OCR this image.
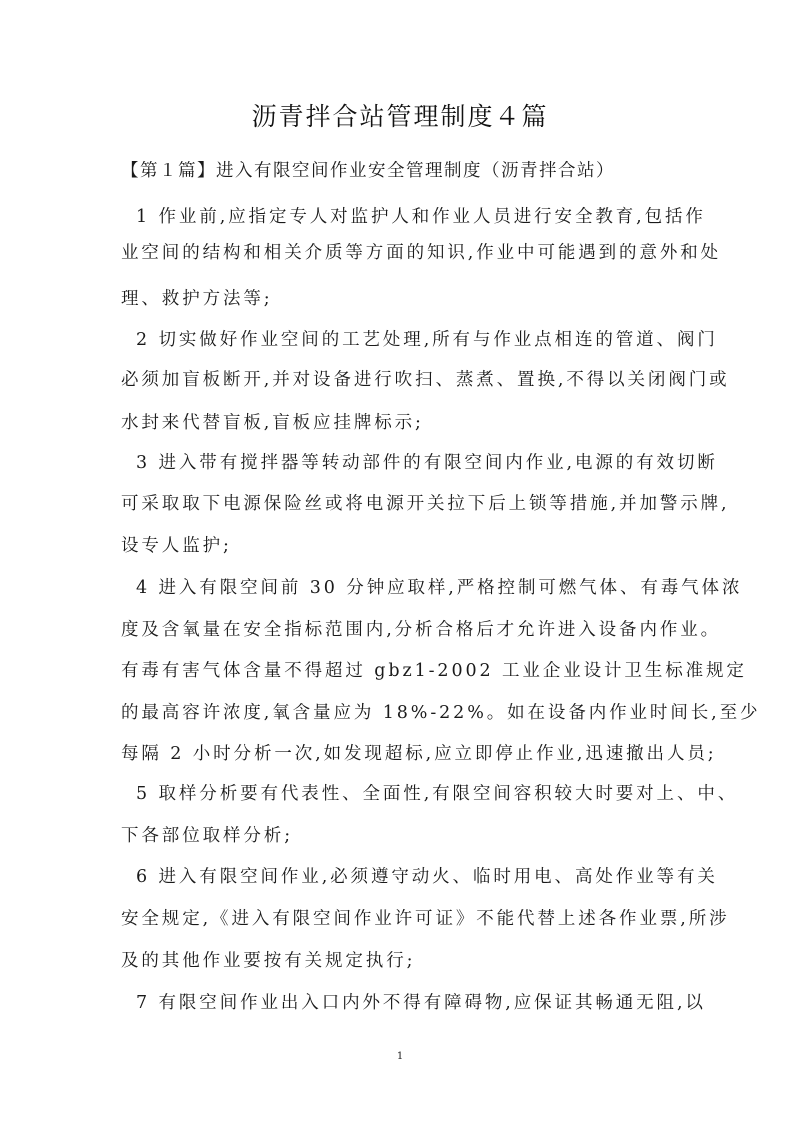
沥青拌合站管理制度４篇
【第１篇】进入有限空间作业安全管理制度（沥青拌合站）
1 作业前,应指定专人对监护人和作业人员进行安全教育,包括作
业空间的结构和相关介质等方面的知识,作业中可能遇到的意外和处
理、救护方法等;
2 切实做好作业空间的工艺处理,所有与作业点相连的管道、阀门
必须加盲板断开,并对设备进行吹扫、蒸煮、置换,不得以关闭阀门或
水封来代替盲板,盲板应挂牌标示;
3 进入带有搅拌器等转动部件的有限空间内作业,电源的有效切断
可采取取下电源保险丝或将电源开关拉下后上锁等措施,并加警示牌,
设专人监护;
4 进入有限空间前 30 分钟应取样,严格控制可燃气体、有毒气体浓
度及含氧量在安全指标范围内,分析合格后才允许进入设备内作业。
有毒有害气体含量不得超过 gbz1-2002 工业企业设计卫生标准规定
的最高容许浓度,氧含量应为 18%-22%。如在设备内作业时间长,至少
每隔 2 小时分析一次,如发现超标,应立即停止作业,迅速撤出人员;
5 取样分析要有代表性、全面性,有限空间容积较大时要对上、中、
下各部位取样分析;
6 进入有限空间作业,必须遵守动火、临时用电、高处作业等有关
安全规定,《进入有限空间作业许可证》不能代替上述各作业票,所涉
及的其他作业要按有关规定执行;
7 有限空间作业出入口内外不得有障碍物,应保证其畅通无阻,以
1
